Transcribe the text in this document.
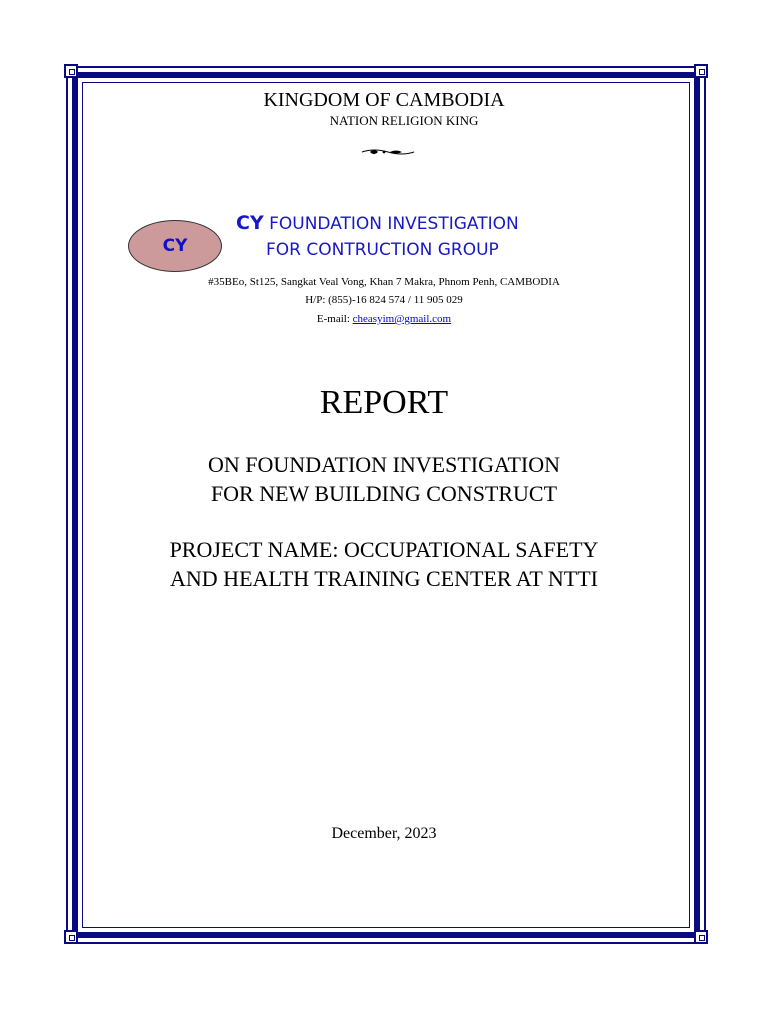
KINGDOM OF CAMBODIA
NATION RELIGION KING
CY
CY FOUNDATION INVESTIGATION
FOR CONTRUCTION GROUP
#35BEo, St125, Sangkat Veal Vong, Khan 7 Makra, Phnom Penh, CAMBODIA
H/P: (855)-16 824 574 / 11 905 029
E-mail: cheasyim@gmail.com
REPORT
ON FOUNDATION INVESTIGATION
FOR NEW BUILDING CONSTRUCT
PROJECT NAME: OCCUPATIONAL SAFETY
AND HEALTH TRAINING CENTER AT NTTI
December, 2023
